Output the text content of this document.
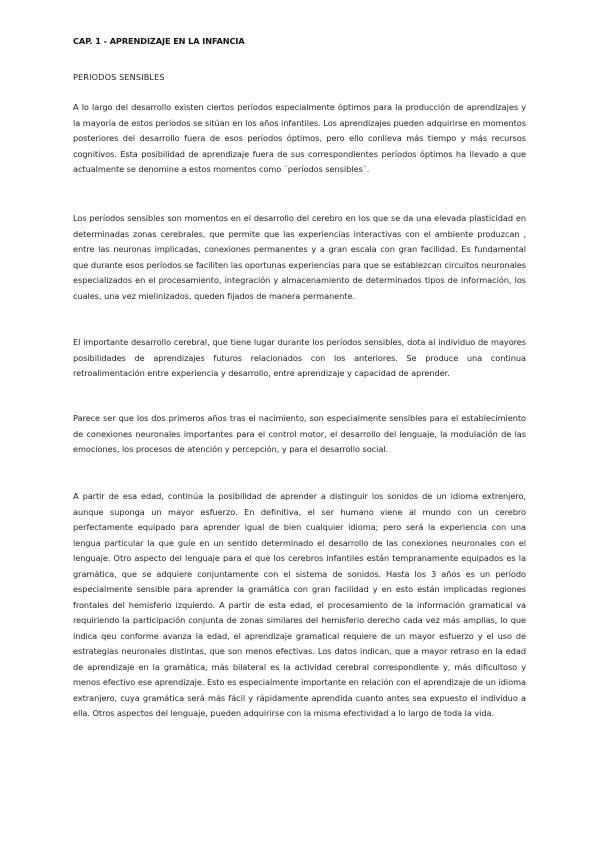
CAP. 1 - APRENDIZAJE EN LA INFANCIA
PERIODOS SENSIBLES

A lo largo del desarrollo existen ciertos períodos especialmente óptimos para la producción de aprendizajes y la mayoría de estos períodos se sitúan en los años infantiles. Los aprendizajes pueden adquirirse en momentos posteriores del desarrollo fuera de esos períodos óptimos, pero ello conlleva más tiempo y más recursos cognitivos. Esta posibilidad de aprendizaje fuera de sus correspondientes períodos óptimos ha llevado a que actualmente se denomine a estos momentos como ¨períodos sensibles¨.

Los períodos sensibles son momentos en el desarrollo del cerebro en los que se da una elevada plasticidad en determinadas zonas cerebrales, que permite que las experiencias interactivas con el ambiente produzcan , entre las neuronas implicadas, conexiones permanentes y a gran escala con gran facilidad. Es fundamental que durante esos períodos se faciliten las oportunas experiencias para que se establezcan circuitos neuronales especializados en el procesamiento, integración y almacenamiento de determinados tipos de información, los cuales, una vez mielinizados, queden fijados de manera permanente.

El importante desarrollo cerebral, que tiene lugar durante los períodos sensibles, dota al individuo de mayores posibilidades de aprendizajes futuros relacionados con los anteriores. Se produce una continua retroalimentación entre experiencia y desarrollo, entre aprendizaje y capacidad de aprender.

Parece ser que los dos primeros años tras el nacimiento, son especialmente sensibles para el establecimiento de conexiones neuronales importantes para el control motor, el desarrollo del lenguaje, la modulación de las emociones, los procesos de atención y percepción, y para el desarrollo social.

A partir de esa edad, continúa la posibilidad de aprender a distinguir los sonidos de un idioma extrenjero, aunque suponga un mayor esfuerzo. En definitiva, el ser humano viene al mundo con un cerebro perfectamente equipado para aprender igual de bien cualquier idioma; pero será la experiencia con una lengua particular la que guíe en un sentido determinado el desarrollo de las conexiones neuronales con el lenguaje. Otro aspecto del lenguaje para el que los cerebros infantiles están tempranamente equipados es la gramática, que se adquiere conjuntamente con el sistema de sonidos. Hasta los 3 años es un período especialmente sensible para aprender la gramática con gran facilidad y en esto están implicadas regiones frontales del hemisferio izquierdo. A partir de esta edad, el procesamiento de la información gramatical va requiriendo la participación conjunta de zonas similares del hemisferio derecho cada vez más amplias, lo que indica qeu conforme avanza la edad, el aprendizaje gramatical requiere de un mayor esfuerzo y el uso de estrategias neuronales distintas, que son menos efectivas. Los datos indican, que a mayor retraso en la edad de aprendizaje en la gramática, más bilateral es la actividad cerebral correspondiente y, más dificultoso y menos efectivo ese aprendizaje. Esto es especialmente importante en relación con el aprendizaje de un idioma extranjero, cuya gramática será más fácil y rápidamente aprendida cuanto antes sea expuesto el individuo a ella. Otros aspectos del lenguaje, pueden adquirirse con la misma efectividad a lo largo de toda la vida.
